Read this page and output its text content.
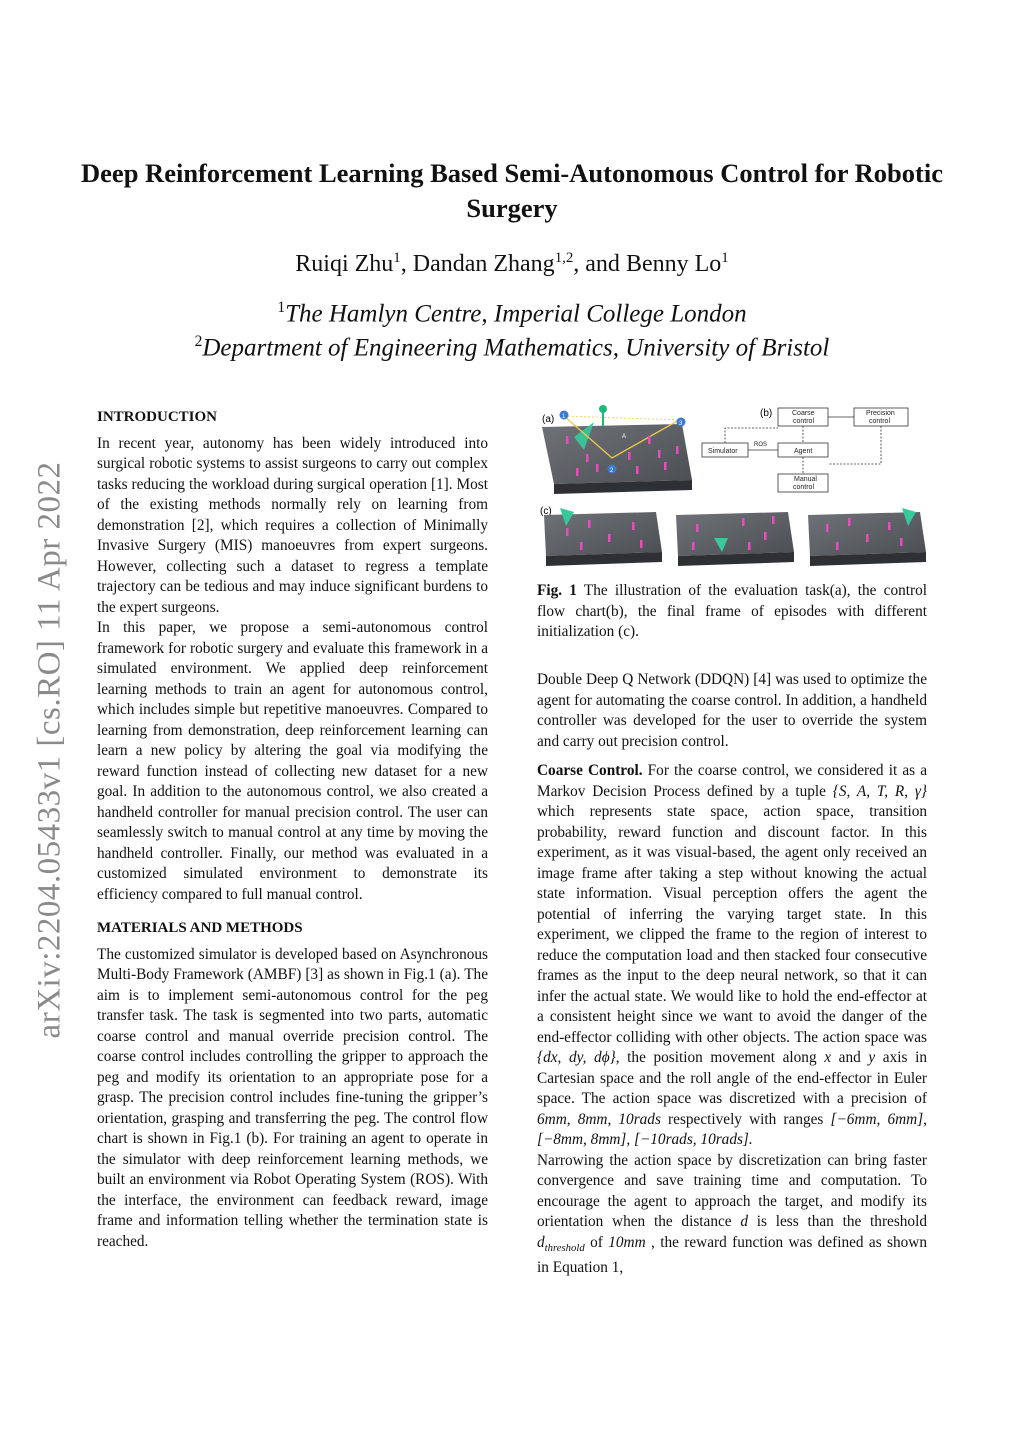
arXiv:2204.05433v1 [cs.RO] 11 Apr 2022
Deep Reinforcement Learning Based Semi-Autonomous Control for Robotic Surgery
Ruiqi Zhu$^1$, Dandan Zhang$^{1,2}$, and Benny Lo$^1$
$^1$The Hamlyn Centre, Imperial College London
$^2$Department of Engineering Mathematics, University of Bristol
INTRODUCTION

In recent year, autonomy has been widely introduced into surgical robotic systems to assist surgeons to carry out complex tasks reducing the workload during surgical operation [1]. Most of the existing methods normally rely on learning from demonstration [2], which requires a collection of Minimally Invasive Surgery (MIS) manoeuvres from expert surgeons. However, collecting such a dataset to regress a template trajectory can be tedious and may induce significant burdens to the expert surgeons.

In this paper, we propose a semi-autonomous control framework for robotic surgery and evaluate this framework in a simulated environment. We applied deep reinforcement learning methods to train an agent for autonomous control, which includes simple but repetitive manoeuvres. Compared to learning from demonstration, deep reinforcement learning can learn a new policy by altering the goal via modifying the reward function instead of collecting new dataset for a new goal. In addition to the autonomous control, we also created a handheld controller for manual precision control. The user can seamlessly switch to manual control at any time by moving the handheld controller. Finally, our method was evaluated in a customized simulated environment to demonstrate its efficiency compared to full manual control.

MATERIALS AND METHODS

The customized simulator is developed based on Asynchronous Multi-Body Framework (AMBF) [3] as shown in Fig.1 (a). The aim is to implement semi-autonomous control for the peg transfer task. The task is segmented into two parts, automatic coarse control and manual override precision control. The coarse control includes controlling the gripper to approach the peg and modify its orientation to an appropriate pose for a grasp. The precision control includes fine-tuning the gripper’s orientation, grasping and transferring the peg. The control flow chart is shown in Fig.1 (b). For training an agent to operate in the simulator with deep reinforcement learning methods, we built an environment via Robot Operating System (ROS). With the interface, the environment can feedback reward, image frame and information telling whether the termination state is reached.

(a) 1
2
3
A
(b)	Coarse
control
Precision
control
Simulator	Agent
ROS
Manual
control
(c)
Fig. 1 The illustration of the evaluation task(a), the control flow chart(b), the final frame of episodes with different initialization (c).

Double Deep Q Network (DDQN) [4] was used to optimize the agent for automating the coarse control. In addition, a handheld controller was developed for the user to override the system and carry out precision control.

Coarse Control. For the coarse control, we considered it as a Markov Decision Process defined by a tuple {S, A, T, R, γ} which represents state space, action space, transition probability, reward function and discount factor. In this experiment, as it was visual-based, the agent only received an image frame after taking a step without knowing the actual state information. Visual perception offers the agent the potential of inferring the varying target state. In this experiment, we clipped the frame to the region of interest to reduce the computation load and then stacked four consecutive frames as the input to the deep neural network, so that it can infer the actual state. We would like to hold the end-effector at a consistent height since we want to avoid the danger of the end-effector colliding with other objects. The action space was {dx, dy, dϕ}, the position movement along x and y axis in Cartesian space and the roll angle of the end-effector in Euler space. The action space was discretized with a precision of 6mm, 8mm, 10rads respectively with ranges [−6mm, 6mm], [−8mm, 8mm], [−10rads, 10rads].

Narrowing the action space by discretization can bring faster convergence and save training time and computation. To encourage the agent to approach the target, and modify its orientation when the distance d is less than the threshold $d_{threshold}$ of 10mm , the reward function was defined as shown in Equation 1,
